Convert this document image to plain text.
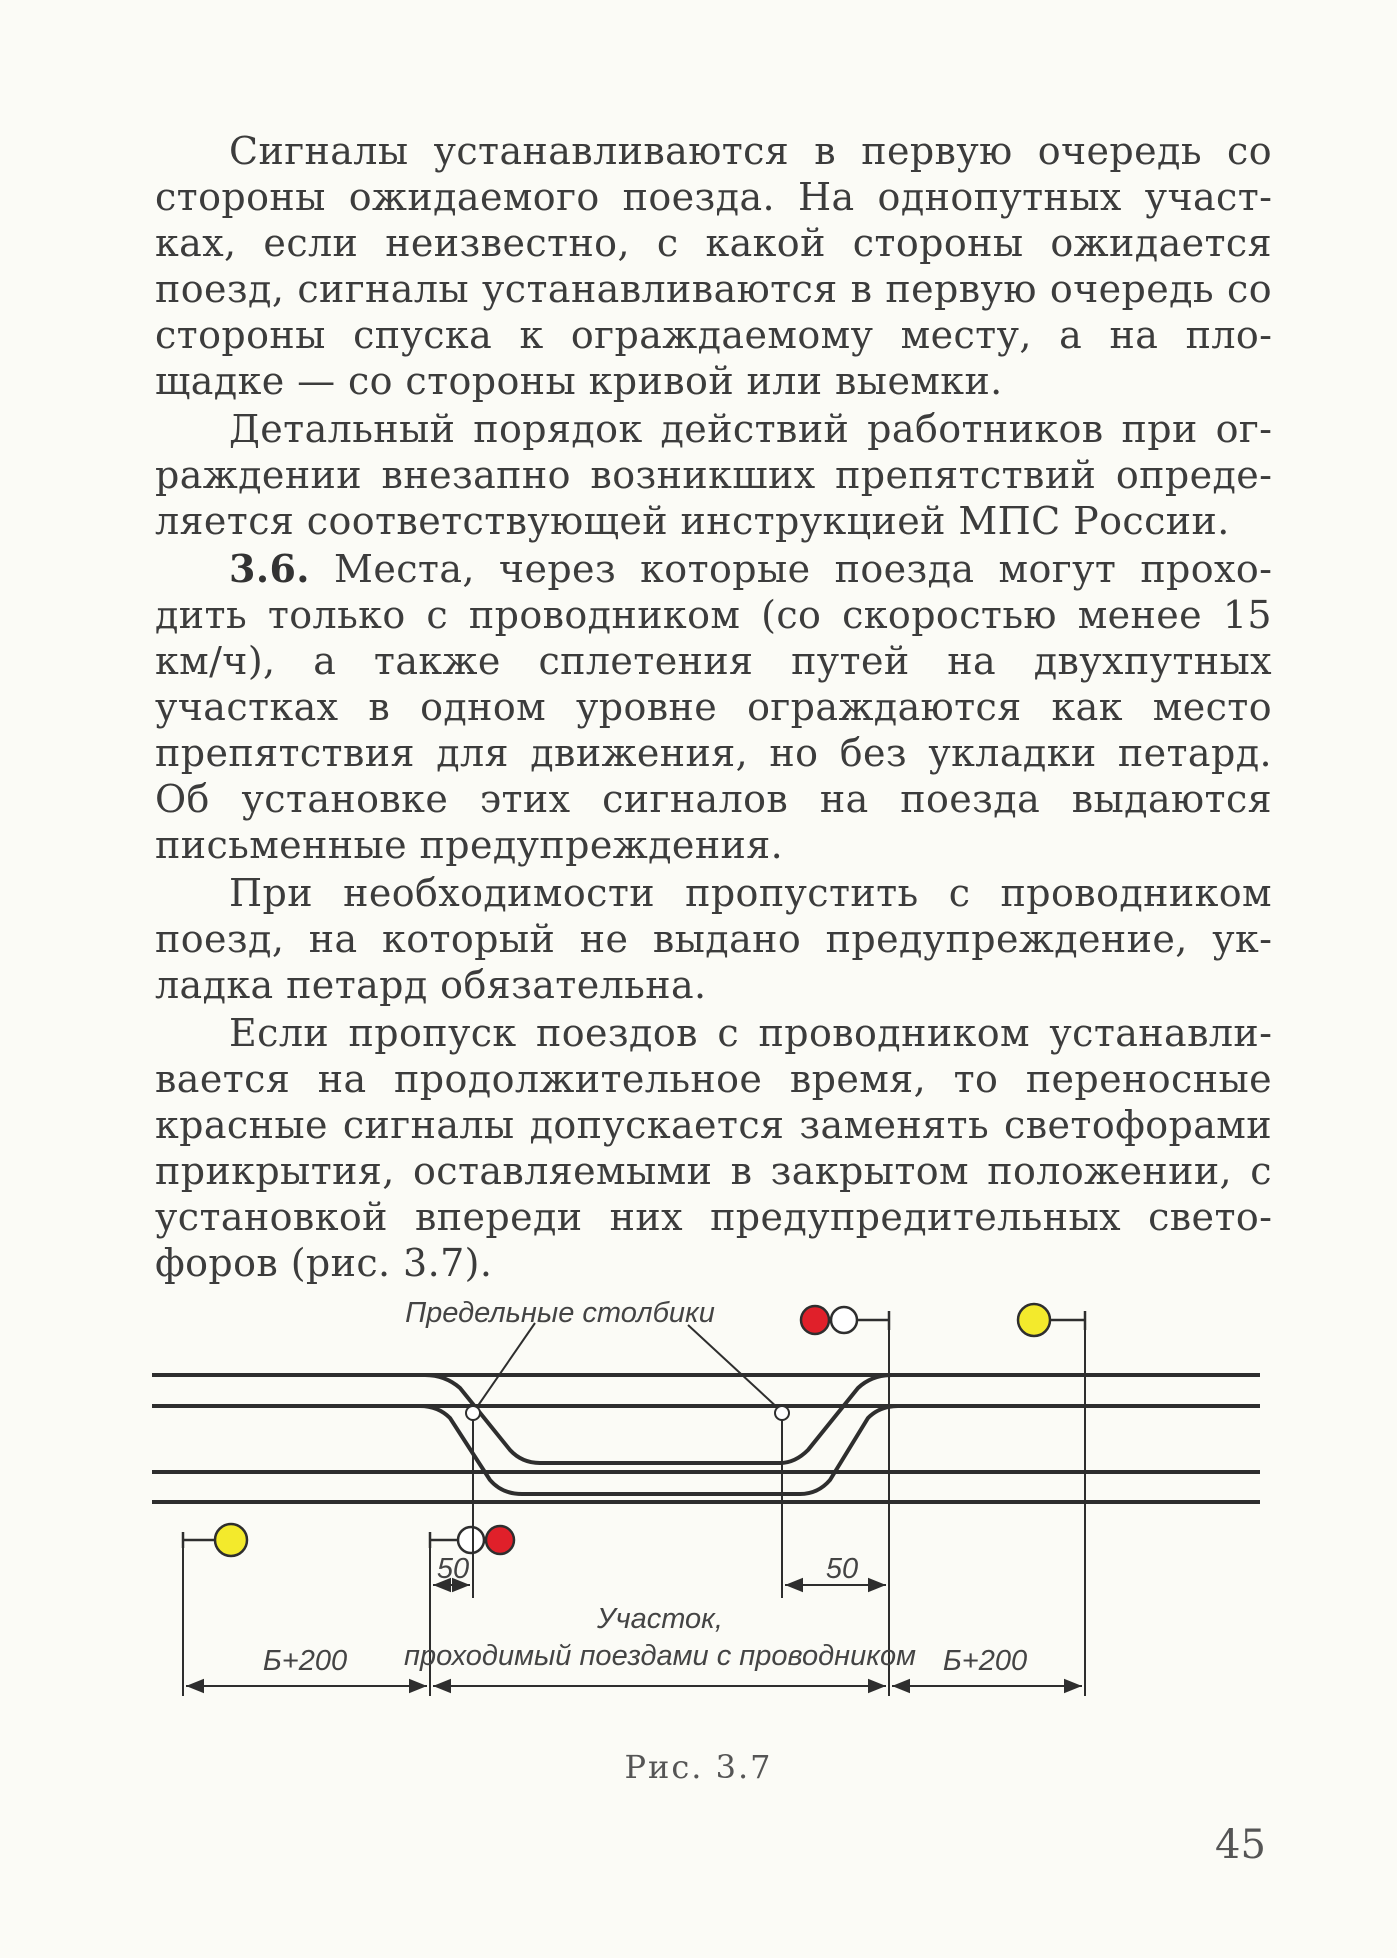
Сигналы устанавливаются в первую очередь со стороны ожидаемого поезда. На однопутных участках, если неизвестно, с какой стороны ожидается поезд, сигналы устанавливаются в первую очередь со стороны спуска к ограждаемому месту, а на площадке — со стороны кривой или выемки.

Детальный порядок действий работников при ограждении внезапно возникших препятствий определяется соответствующей инструкцией МПС России.

3.6. Места, через которые поезда могут проходить только с проводником (со скоростью менее 15 км/ч), а также сплетения путей на двухпутных участках в одном уровне ограждаются как место препятствия для движения, но без укладки петард. Об установке этих сигналов на поезда выдаются письменные предупреждения.

При необходимости пропустить с проводником поезд, на который не выдано предупреждение, укладка петард обязательна.

Если пропуск поездов с проводником устанавливается на продолжительное время, то переносные красные сигналы допускается заменять светофорами прикрытия, оставляемыми в закрытом положении, с установкой впереди них предупредительных светофоров (рис. 3.7).

Предельные столбики
50	50
Б+200
Участок,
проходимый поездами с проводником Б+200
Рис. 3.7
45
